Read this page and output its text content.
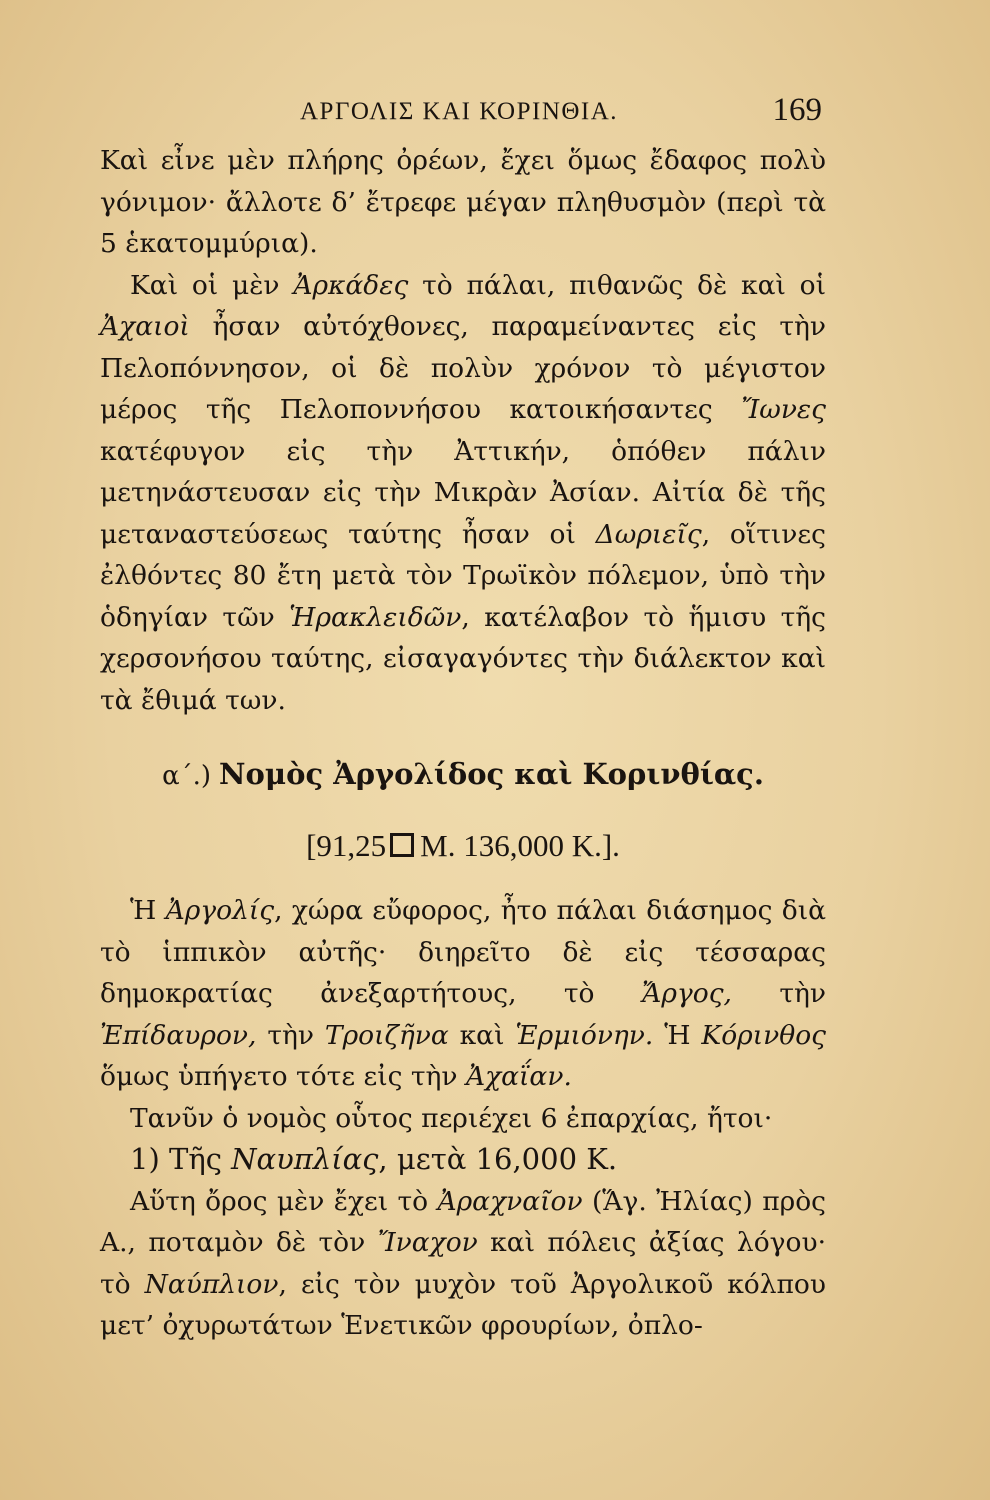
ΑΡΓΟΛΙΣ ΚΑΙ ΚΟΡΙΝΘΙΑ.	169

Καὶ εἶνε μὲν πλήρης ὀρέων, ἔχει ὅμως ἔδαφος πολὺ γόνιμον· ἄλλοτε δ’ ἔτρεφε μέγαν πληθυσμὸν (περὶ τὰ 5 ἑκατομμύρια).

Καὶ οἱ μὲν Ἀρκάδες τὸ πάλαι, πιθανῶς δὲ καὶ οἱ Ἀχαιοὶ ἦσαν αὐτόχθονες, παραμείναντες εἰς τὴν Πελοπόννησον, οἱ δὲ πολὺν χρόνον τὸ μέγιστον μέρος τῆς Πελοποννήσου κατοικήσαντες Ἴωνες κατέφυγον εἰς τὴν Ἀττικήν, ὁπόθεν πάλιν μετηνάστευσαν εἰς τὴν Μικρὰν Ἀσίαν. Αἰτία δὲ τῆς μεταναστεύσεως ταύτης ἦσαν οἱ Δωριεῖς, οἵτινες ἐλθόντες 80 ἔτη μετὰ τὸν Τρωϊκὸν πόλεμον, ὑπὸ τὴν ὁδηγίαν τῶν Ἡρακλειδῶν, κατέλαβον τὸ ἥμισυ τῆς χερσονήσου ταύτης, εἰσαγαγόντες τὴν διάλεκτον καὶ τὰ ἔθιμά των.

α΄.) Νομὸς Ἀργολίδος καὶ Κορινθίας.
[91,25 Μ. 136,000 Κ.].

Ἡ Ἀργολίς, χώρα εὔφορος, ἦτο πάλαι διάσημος διὰ τὸ ἱππικὸν αὐτῆς· διηρεῖτο δὲ εἰς τέσσαρας δημοκρατίας ἀνεξαρτήτους, τὸ Ἄργος, τὴν Ἐπίδαυρον, τὴν Τροιζῆνα καὶ Ἑρμιόνην. Ἡ Κόρινθος ὅμως ὑπήγετο τότε εἰς τὴν Ἀχαΐαν.

Τανῦν ὁ νομὸς οὗτος περιέχει 6 ἐπαρχίας, ἤτοι·

1) Τῆς Ναυπλίας, μετὰ 16,000 Κ.

Αὕτη ὄρος μὲν ἔχει τὸ Ἀραχναῖον (Ἅγ. Ἠλίας) πρὸς Α., ποταμὸν δὲ τὸν Ἴναχον καὶ πόλεις ἀξίας λόγου· τὸ Ναύπλιον, εἰς τὸν μυχὸν τοῦ Ἀργολικοῦ κόλπου μετ’ ὀχυρωτάτων Ἑνετικῶν φρουρίων, ὀπλο-
